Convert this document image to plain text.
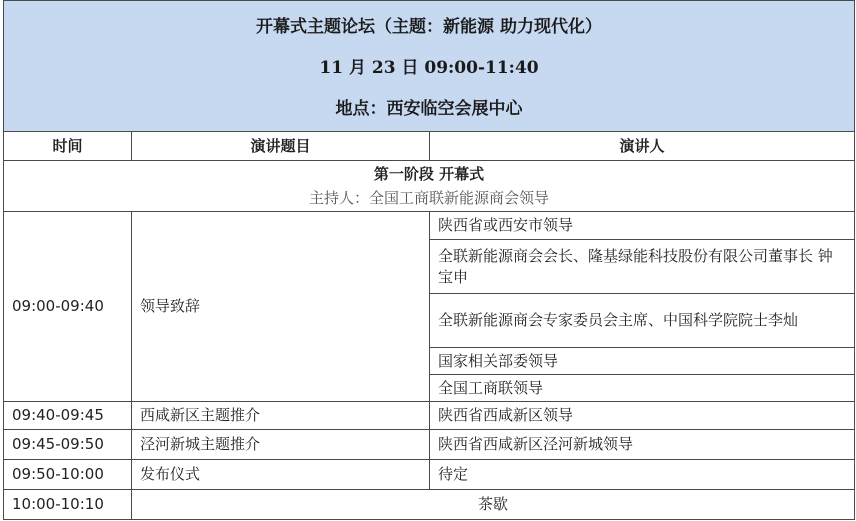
开幕式主题论坛（主题：新能源 助力现代化）
11 月 23 日 09:00-11:40
地点：西安临空会展中心		

时间	演讲题目	演讲人

第一阶段 开幕式
主持人：全国工商联新能源商会领导		

09:00-09:40	领导致辞	陕西省或西安市领导
		全联新能源商会会长、隆基绿能科技股份有限公司董事长 钟宝申
		全联新能源商会专家委员会主席、中国科学院院士李灿
		国家相关部委领导
		全国工商联领导
09:40-09:45	西咸新区主题推介	陕西省西咸新区领导
09:45-09:50	泾河新城主题推介	陕西省西咸新区泾河新城领导
09:50-10:00	发布仪式	待定
10:00-10:10	茶歇	
